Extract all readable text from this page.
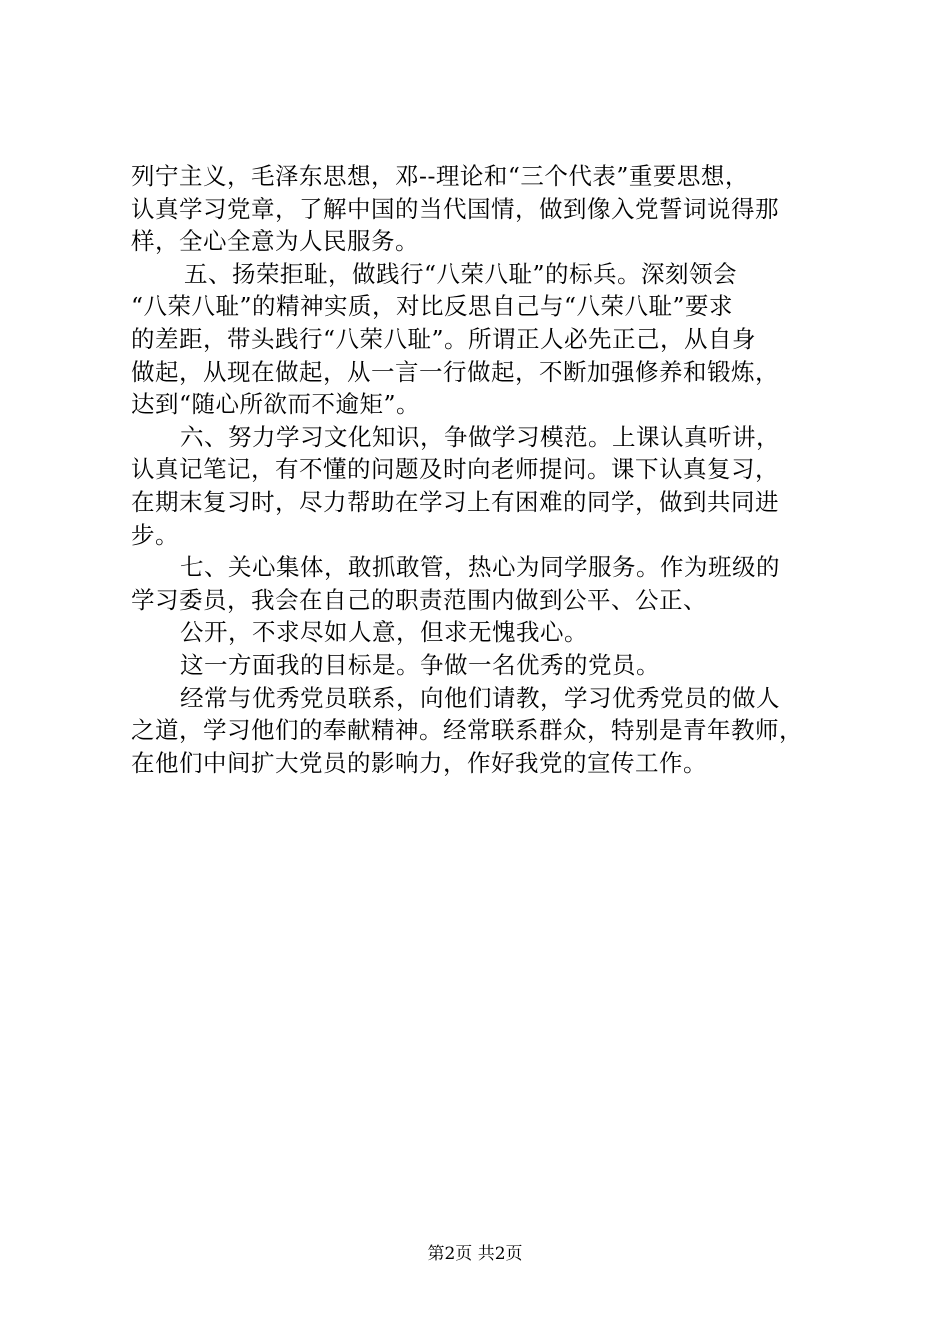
列宁主义，毛泽东思想，邓--理论和“三个代表”重要思想，
认真学习党章，了解中国的当代国情，做到像入党誓词说得那
样，全心全意为人民服务。
五、扬荣拒耻，做践行“八荣八耻”的标兵。深刻领会
“八荣八耻”的精神实质，对比反思自己与“八荣八耻”要求
的差距，带头践行“八荣八耻”。所谓正人必先正己，从自身
做起，从现在做起，从一言一行做起，不断加强修养和锻炼，
达到“随心所欲而不逾矩”。
六、努力学习文化知识，争做学习模范。上课认真听讲，
认真记笔记，有不懂的问题及时向老师提问。课下认真复习，
在期末复习时，尽力帮助在学习上有困难的同学，做到共同进
步。
七、关心集体，敢抓敢管，热心为同学服务。作为班级的
学习委员，我会在自己的职责范围内做到公平、公正、
公开，不求尽如人意，但求无愧我心。
这一方面我的目标是。争做一名优秀的党员。
经常与优秀党员联系，向他们请教，学习优秀党员的做人
之道，学习他们的奉献精神。经常联系群众，特别是青年教师，
在他们中间扩大党员的影响力，作好我党的宣传工作。
第2页 共2页
